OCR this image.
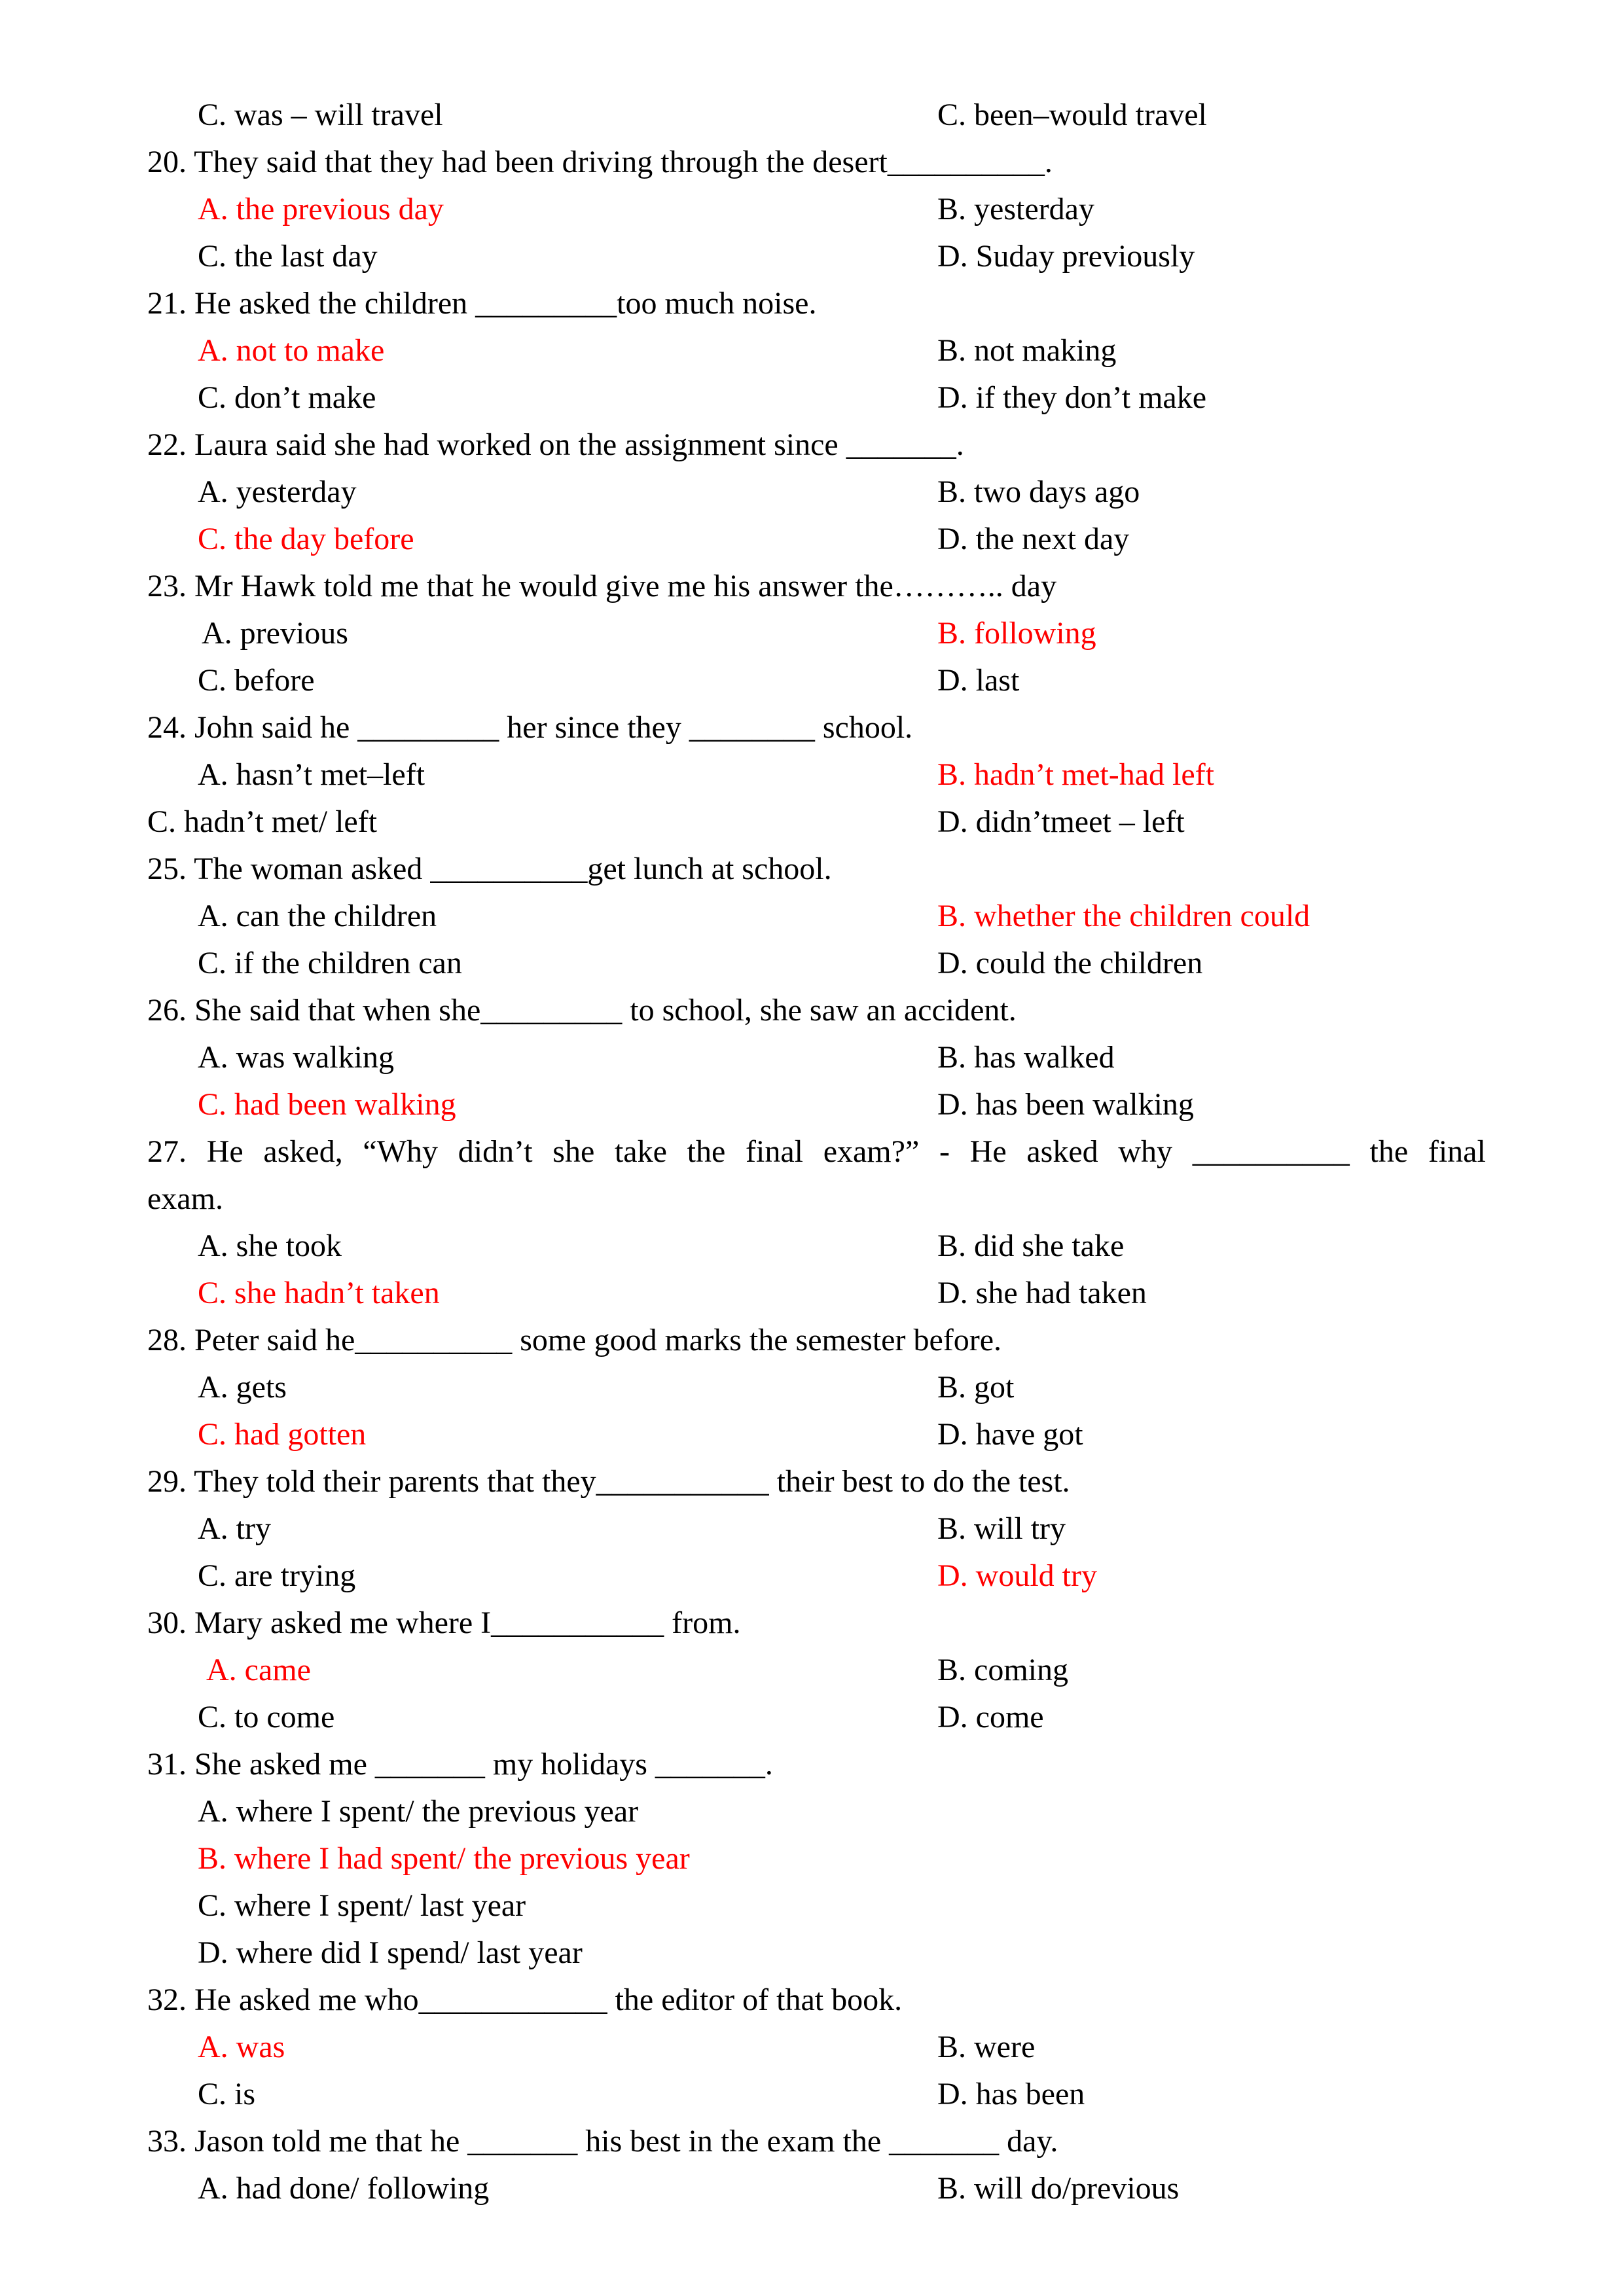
C. was – will travel	C. been–would travel
20. They said that they had been driving through the desert__________.
A. the previous day	B. yesterday
C. the last day	D. Suday previously
21. He asked the children _________too much noise.
A. not to make	B. not making
C. don’t make	D. if they don’t make
22. Laura said she had worked on the assignment since _______.
A. yesterday	B. two days ago
C. the day before	D. the next day
23. Mr Hawk told me that he would give me his answer the……….. day
A. previous	B. following
C. before	D. last
24. John said he _________ her since they ________ school.
A. hasn’t met–left	B. hadn’t met-had left
C. hadn’t met/ left	D. didn’tmeet – left
25. The woman asked __________get lunch at school.
A. can the children	B. whether the children could
C. if the children can	D. could the children
26. She said that when she_________ to school, she saw an accident.
A. was walking	B. has walked
C. had been walking	D. has been walking
27. He asked, “Why didn’t she take the final exam?” - He asked why __________ the final
exam.
A. she took	B. did she take
C. she hadn’t taken	D. she had taken
28. Peter said he__________ some good marks the semester before.
A. gets	B. got
C. had gotten	D. have got
29. They told their parents that they___________ their best to do the test.
A. try	B. will try
C. are trying	D. would try
30. Mary asked me where I___________ from.
A. came	B. coming
C. to come	D. come
31. She asked me _______ my holidays _______.
A. where I spent/ the previous year
B. where I had spent/ the previous year
C. where I spent/ last year
D. where did I spend/ last year
32. He asked me who____________ the editor of that book.
A. was	B. were
C. is	D. has been
33. Jason told me that he _______ his best in the exam the _______ day.
A. had done/ following	B. will do/previous
